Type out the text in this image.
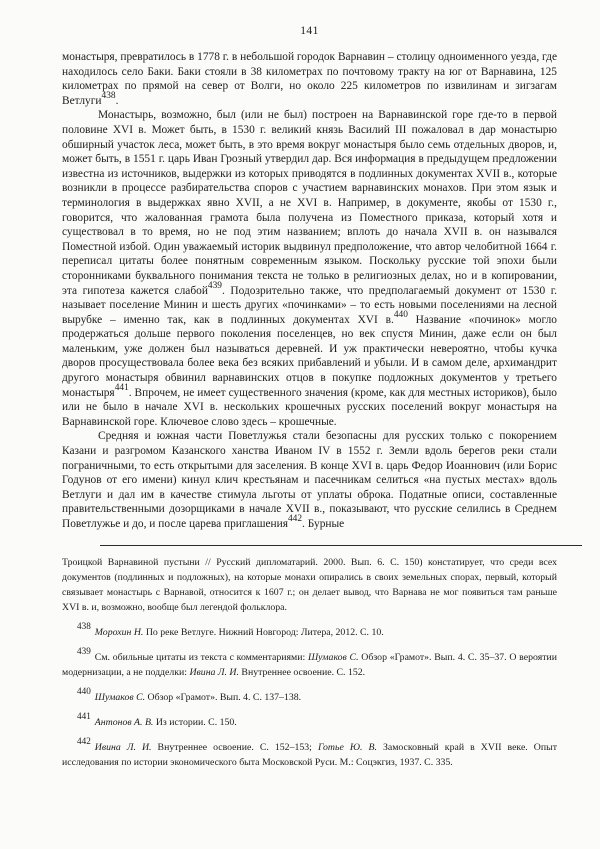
141

монастыря, превратилось в 1778 г. в небольшой городок Варнавин – столицу одноименного уезда, где находилось село Баки. Баки стояли в 38 километрах по почтовому тракту на юг от Варнавина, 125 километрах по прямой на север от Волги, но около 225 километров по извилинам и зигзагам Ветлуги$^{438}$.

Монастырь, возможно, был (или не был) построен на Варнавинской горе где-то в первой половине XVI в. Может быть, в 1530 г. великий князь Василий III пожаловал в дар монастырю обширный участок леса, может быть, в это время вокруг монастыря было семь отдельных дворов, и, может быть, в 1551 г. царь Иван Грозный утвердил дар. Вся информация в предыдущем предложении известна из источников, выдержки из которых приводятся в подлинных документах XVII в., которые возникли в процессе разбирательства споров с участием варнавинских монахов. При этом язык и терминология в выдержках явно XVII, а не XVI в. Например, в документе, якобы от 1530 г., говорится, что жалованная грамота была получена из Поместного приказа, который хотя и существовал в то время, но не под этим названием; вплоть до начала XVII в. он назывался Поместной избой. Один уважаемый историк выдвинул предположение, что автор челобитной 1664 г. переписал цитаты более понятным современным языком. Поскольку русские той эпохи были сторонниками буквального понимания текста не только в религиозных делах, но и в копировании, эта гипотеза кажется слабой$^{439}$. Подозрительно также, что предполагаемый документ от 1530 г. называет поселение Минин и шесть других «починками» – то есть новыми поселениями на лесной вырубке – именно так, как в подлинных документах XVI в.$^{440}$ Название «починок» могло продержаться дольше первого поколения поселенцев, но век спустя Минин, даже если он был маленьким, уже должен был называться деревней. И уж практически невероятно, чтобы кучка дворов просуществовала более века без всяких прибавлений и убыли. И в самом деле, архимандрит другого монастыря обвинил варнавинских отцов в покупке подложных документов у третьего монастыря$^{441}$. Впрочем, не имеет существенного значения (кроме, как для местных историков), было или не было в начале XVI в. нескольких крошечных русских поселений вокруг монастыря на Варнавинской горе. Ключевое слово здесь – крошечные.

Средняя и южная части Поветлужья стали безопасны для русских только с покорением Казани и разгромом Казанского ханства Иваном IV в 1552 г. Земли вдоль берегов реки стали пограничными, то есть открытыми для заселения. В конце XVI в. царь Федор Иоаннович (или Борис Годунов от его имени) кинул клич крестьянам и пасечникам селиться «на пустых местах» вдоль Ветлуги и дал им в качестве стимула льготы от уплаты оброка. Податные описи, составленные правительственными дозорщиками в начале XVII в., показывают, что русские селились в Среднем Поветлужье и до, и после царева приглашения$^{442}$. Бурные

Троицкой Варнавиной пустыни // Русский дипломатарий. 2000. Вып. 6. С. 150) констатирует, что среди всех документов (подлинных и подложных), на которые монахи опирались в своих земельных спорах, первый, который связывает монастырь с Варнавой, относится к 1607 г.; он делает вывод, что Варнава не мог появиться там раньше XVI в. и, возможно, вообще был легендой фольклора.

$^{438}$Морохин Н. По реке Ветлуге. Нижний Новгород: Литера, 2012. С. 10.

$^{439}$См. обильные цитаты из текста с комментариями: Шумаков С. Обзор «Грамот». Вып. 4. С. 35–37. О вероятии модернизации, а не подделки: Ивина Л. И. Внутреннее освоение. С. 152.

$^{440}$Шумаков С. Обзор «Грамот». Вып. 4. С. 137–138.

$^{441}$Антонов А. В. Из истории. С. 150.

$^{442}$Ивина Л. И. Внутреннее освоение. С. 152–153; Готье Ю. В. Замосковный край в XVII веке. Опыт исследования по истории экономического быта Московской Руси. М.: Соцэкгиз, 1937. С. 335.
